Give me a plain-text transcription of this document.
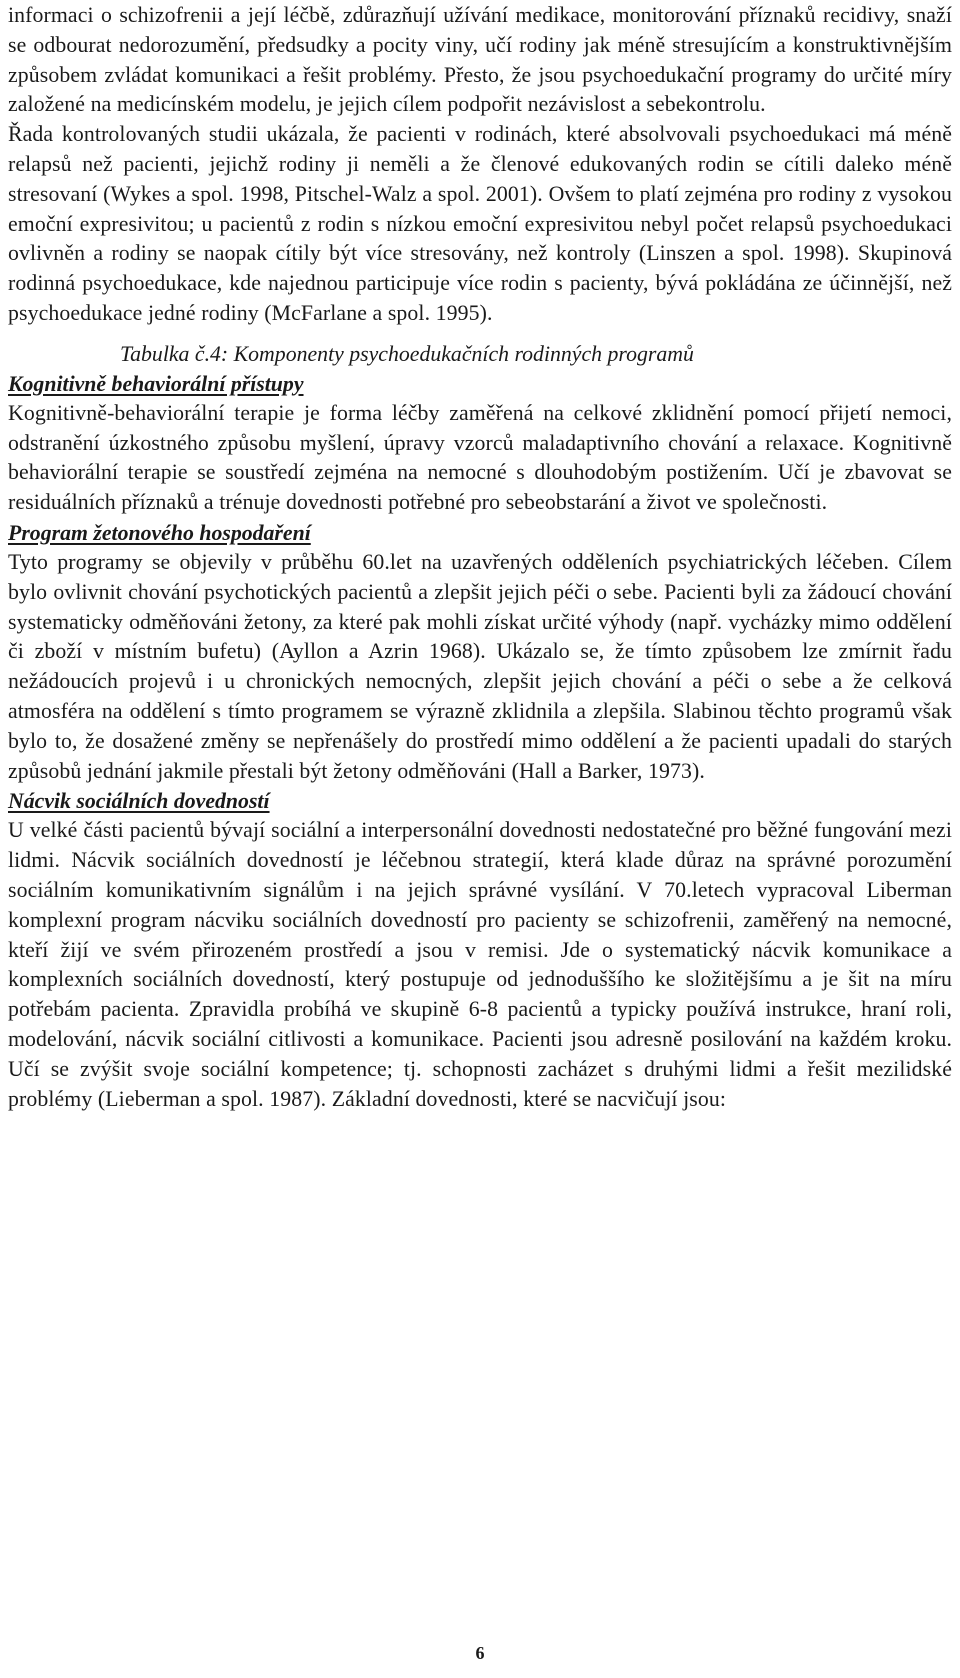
informaci o schizofrenii a její léčbě, zdůrazňují užívání medikace, monitorování příznaků recidivy, snaží se odbourat nedorozumění, předsudky a pocity viny, učí rodiny jak méně stresujícím a konstruktivnějším způsobem zvládat komunikaci a řešit problémy. Přesto, že jsou psychoedukační programy do určité míry založené na medicínském modelu, je jejich cílem podpořit nezávislost a sebekontrolu.

Řada kontrolovaných studii ukázala, že pacienti v rodinách, které absolvovali psychoedukaci má méně relapsů než pacienti, jejichž rodiny ji neměli a že členové edukovaných rodin se cítili daleko méně stresovaní (Wykes a spol. 1998, Pitschel-Walz a spol. 2001). Ovšem to platí zejména pro rodiny z vysokou emoční expresivitou; u pacientů z rodin s nízkou emoční expresivitou nebyl počet relapsů psychoedukaci ovlivněn a rodiny se naopak cítily být více stresovány, než kontroly (Linszen a spol. 1998). Skupinová rodinná psychoedukace, kde najednou participuje více rodin s pacienty, bývá pokládána ze účinnější, než psychoedukace jedné rodiny (McFarlane a spol. 1995).

Tabulka č.4: Komponenty psychoedukačních rodinných programů
Kognitivně behaviorální přístupy

Kognitivně-behaviorální terapie je forma léčby zaměřená na celkové zklidnění pomocí přijetí nemoci, odstranění úzkostného způsobu myšlení, úpravy vzorců maladaptivního chování a relaxace. Kognitivně behaviorální terapie se soustředí zejména na nemocné s dlouhodobým postižením. Učí je zbavovat se residuálních příznaků a trénuje dovednosti potřebné pro sebeobstarání a život ve společnosti.

Program žetonového hospodaření

Tyto programy se objevily v průběhu 60.let na uzavřených odděleních psychiatrických léčeben. Cílem bylo ovlivnit chování psychotických pacientů a zlepšit jejich péči o sebe. Pacienti byli za žádoucí chování systematicky odměňováni žetony, za které pak mohli získat určité výhody (např. vycházky mimo oddělení či zboží v místním bufetu) (Ayllon a Azrin 1968). Ukázalo se, že tímto způsobem lze zmírnit řadu nežádoucích projevů i u chronických nemocných, zlepšit jejich chování a péči o sebe a že celková atmosféra na oddělení s tímto programem se výrazně zklidnila a zlepšila. Slabinou těchto programů však bylo to, že dosažené změny se nepřenášely do prostředí mimo oddělení a že pacienti upadali do starých způsobů jednání jakmile přestali být žetony odměňováni (Hall a Barker, 1973).

Nácvik sociálních dovedností

U velké části pacientů bývají sociální a interpersonální dovednosti nedostatečné pro běžné fungování mezi lidmi. Nácvik sociálních dovedností je léčebnou strategií, která klade důraz na správné porozumění sociálním komunikativním signálům i na jejich správné vysílání. V 70.letech vypracoval Liberman komplexní program nácviku sociálních dovedností pro pacienty se schizofrenii, zaměřený na nemocné, kteří žijí ve svém přirozeném prostředí a jsou v remisi. Jde o systematický nácvik komunikace a komplexních sociálních dovedností, který postupuje od jednoduššího ke složitějšímu a je šit na míru potřebám pacienta. Zpravidla probíhá ve skupině 6-8 pacientů a typicky používá instrukce, hraní roli, modelování, nácvik sociální citlivosti a komunikace. Pacienti jsou adresně posilování na každém kroku. Učí se zvýšit svoje sociální kompetence; tj. schopnosti zacházet s druhými lidmi a řešit mezilidské problémy (Lieberman a spol. 1987). Základní dovednosti, které se nacvičují jsou:

6
